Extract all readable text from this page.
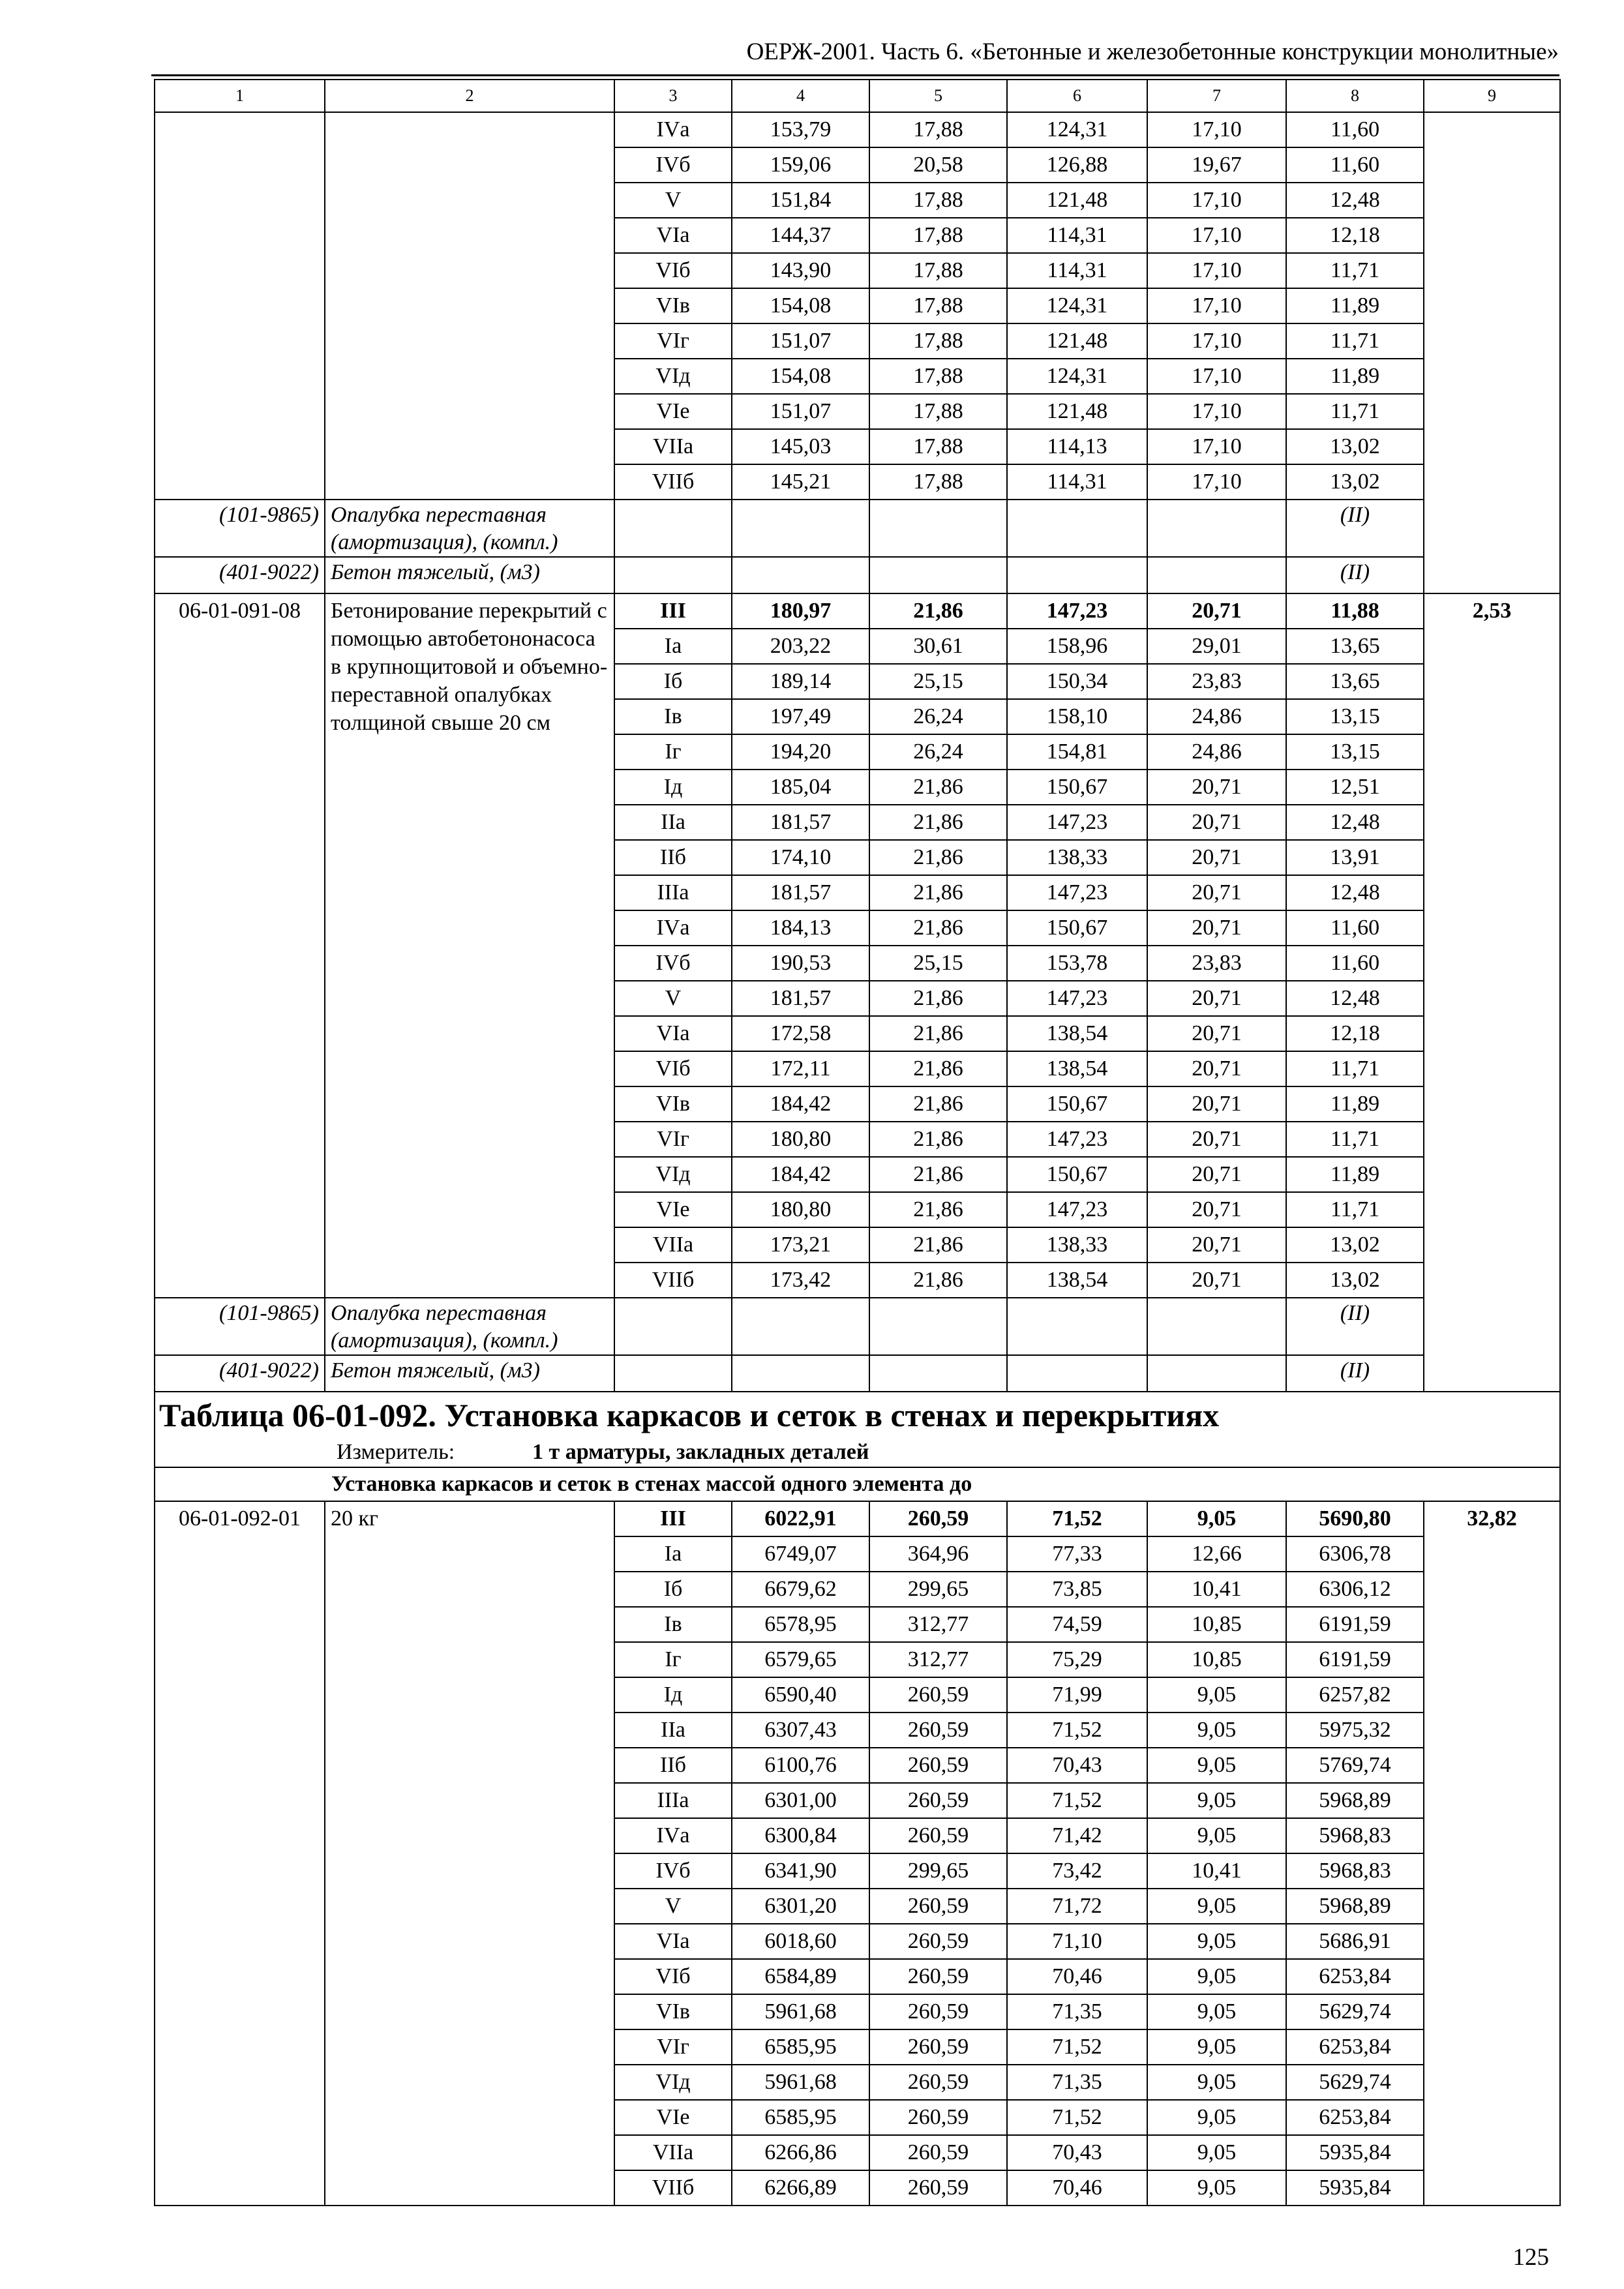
ОЕРЖ-2001. Часть 6. «Бетонные и железобетонные конструкции монолитные»
1	2	3	4	5	6	7	8	9
		IVа	153,79	17,88	124,31	17,10	11,60	
		IVб	159,06	20,58	126,88	19,67	11,60	
		V	151,84	17,88	121,48	17,10	12,48	
		VIа	144,37	17,88	114,31	17,10	12,18	
		VIб	143,90	17,88	114,31	17,10	11,71	
		VIв	154,08	17,88	124,31	17,10	11,89	
		VIг	151,07	17,88	121,48	17,10	11,71	
		VIд	154,08	17,88	124,31	17,10	11,89	
		VIе	151,07	17,88	121,48	17,10	11,71	
		VIIа	145,03	17,88	114,13	17,10	13,02	
		VIIб	145,21	17,88	114,31	17,10	13,02	
(101-9865)	Опалубка переставная (амортизация), (компл.)						(II)	
(401-9022)	Бетон тяжелый, (м3)						(II)	
06-01-091-08	Бетонирование перекрытий с помощью автобетононасоса в крупнощитовой и объемно-переставной опалубках толщиной свыше 20 см	III	180,97	21,86	147,23	20,71	11,88	2,53
		Iа	203,22	30,61	158,96	29,01	13,65	
		Iб	189,14	25,15	150,34	23,83	13,65	
		Iв	197,49	26,24	158,10	24,86	13,15	
		Iг	194,20	26,24	154,81	24,86	13,15	
		Iд	185,04	21,86	150,67	20,71	12,51	
		IIа	181,57	21,86	147,23	20,71	12,48	
		IIб	174,10	21,86	138,33	20,71	13,91	
		IIIа	181,57	21,86	147,23	20,71	12,48	
		IVа	184,13	21,86	150,67	20,71	11,60	
		IVб	190,53	25,15	153,78	23,83	11,60	
		V	181,57	21,86	147,23	20,71	12,48	
		VIа	172,58	21,86	138,54	20,71	12,18	
		VIб	172,11	21,86	138,54	20,71	11,71	
		VIв	184,42	21,86	150,67	20,71	11,89	
		VIг	180,80	21,86	147,23	20,71	11,71	
		VIд	184,42	21,86	150,67	20,71	11,89	
		VIе	180,80	21,86	147,23	20,71	11,71	
		VIIа	173,21	21,86	138,33	20,71	13,02	
		VIIб	173,42	21,86	138,54	20,71	13,02	
(101-9865)	Опалубка переставная (амортизация), (компл.)						(II)	
(401-9022)	Бетон тяжелый, (м3)						(II)	
Таблица 06-01-092. Установка каркасов и сеток в стенах и перекрытиях								
Измеритель: 1 т арматуры, закладных деталей								
Установка каркасов и сеток в стенах массой одного элемента до								
06-01-092-01	20 кг	III	6022,91	260,59	71,52	9,05	5690,80	32,82
		Iа	6749,07	364,96	77,33	12,66	6306,78	
		Iб	6679,62	299,65	73,85	10,41	6306,12	
		Iв	6578,95	312,77	74,59	10,85	6191,59	
		Iг	6579,65	312,77	75,29	10,85	6191,59	
		Iд	6590,40	260,59	71,99	9,05	6257,82	
		IIа	6307,43	260,59	71,52	9,05	5975,32	
		IIб	6100,76	260,59	70,43	9,05	5769,74	
		IIIа	6301,00	260,59	71,52	9,05	5968,89	
		IVа	6300,84	260,59	71,42	9,05	5968,83	
		IVб	6341,90	299,65	73,42	10,41	5968,83	
		V	6301,20	260,59	71,72	9,05	5968,89	
		VIа	6018,60	260,59	71,10	9,05	5686,91	
		VIб	6584,89	260,59	70,46	9,05	6253,84	
		VIв	5961,68	260,59	71,35	9,05	5629,74	
		VIг	6585,95	260,59	71,52	9,05	6253,84	
		VIд	5961,68	260,59	71,35	9,05	5629,74	
		VIе	6585,95	260,59	71,52	9,05	6253,84	
		VIIа	6266,86	260,59	70,43	9,05	5935,84	
		VIIб	6266,89	260,59	70,46	9,05	5935,84	
125
